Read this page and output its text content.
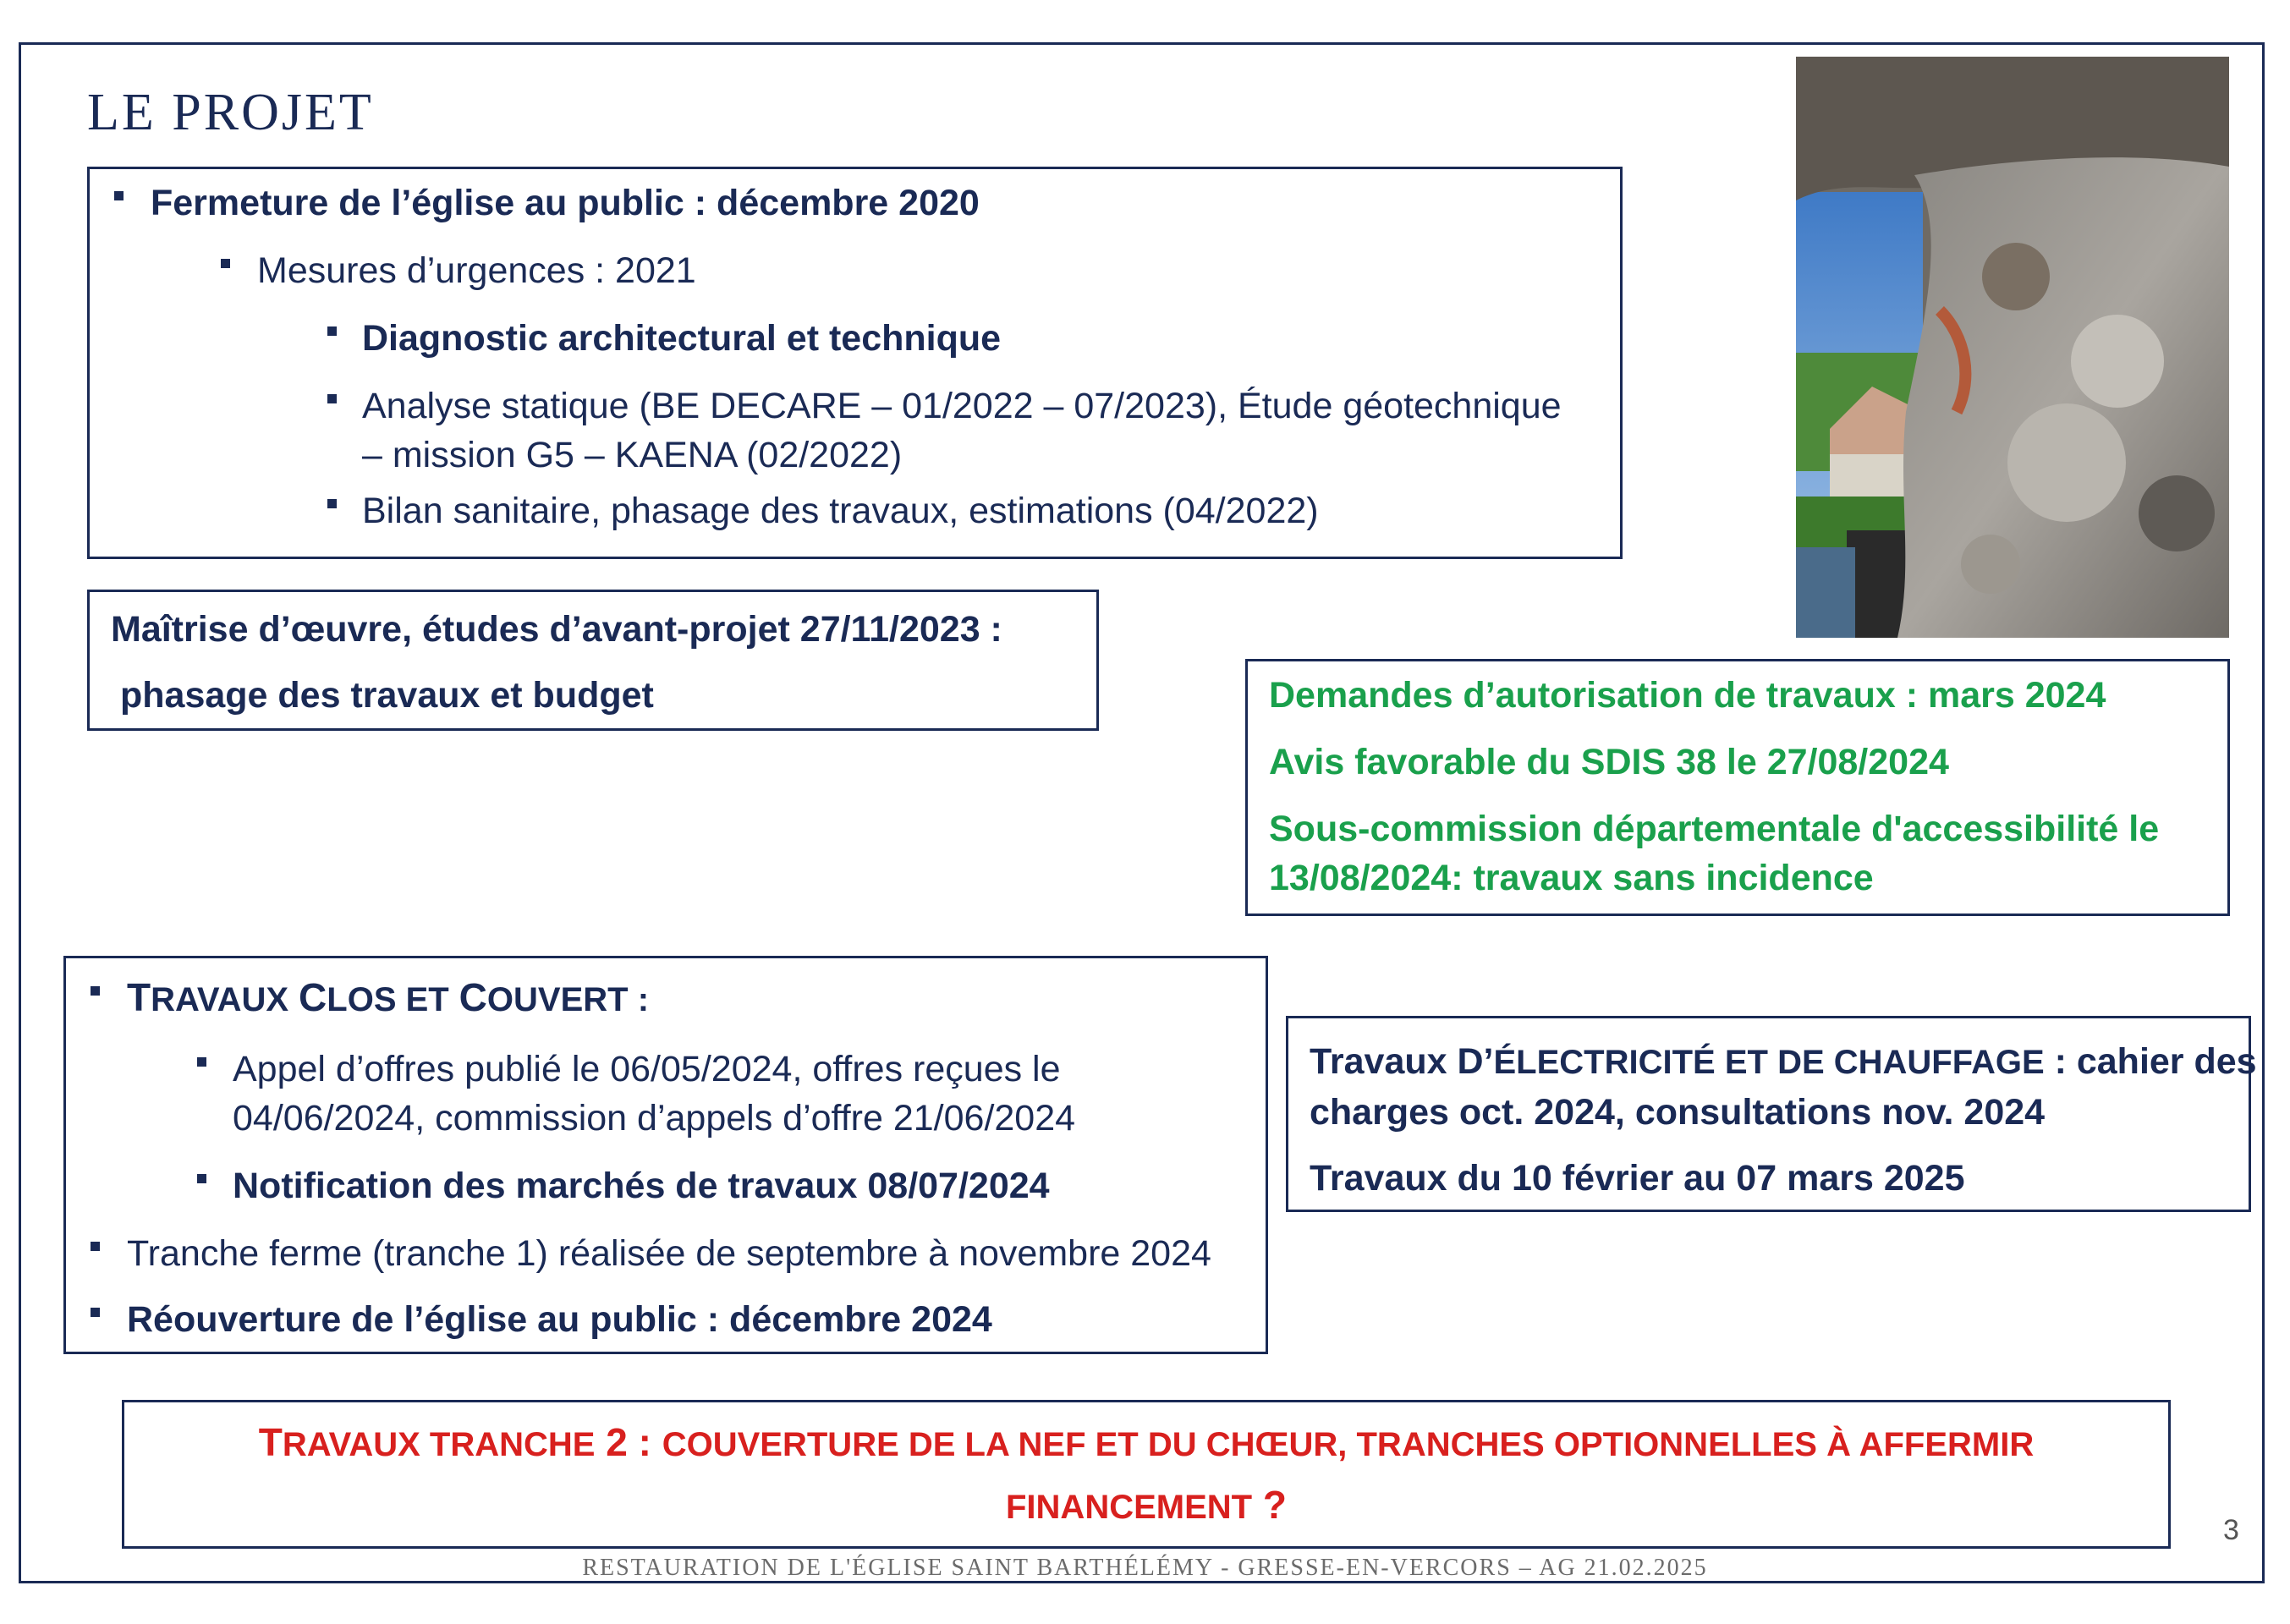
LE PROJET

Fermeture de l’église au public : décembre 2020

Mesures d’urgences : 2021

Diagnostic architectural et technique

Analyse statique (BE DECARE – 01/2022 – 07/2023), Étude géotechnique

– mission G5 – KAENA (02/2022)

Bilan sanitaire, phasage des travaux, estimations (04/2022)

Maîtrise d’œuvre, études d’avant-projet 27/11/2023 :

phasage des travaux et budget	Demandes d’autorisation de travaux : mars 2024

Avis favorable du SDIS 38 le 27/08/2024

Sous-commission départementale d'accessibilité le

13/08/2024: travaux sans incidence

TRAVAUX CLOS ET COUVERT :

Appel d’offres publié le 06/05/2024, offres reçues le

04/06/2024, commission d’appels d’offre 21/06/2024

Notification des marchés de travaux 08/07/2024

Tranche ferme (tranche 1) réalisée de septembre à novembre 2024

Réouverture de l’église au public : décembre 2024

Travaux D’ÉLECTRICITÉ ET DE CHAUFFAGE : cahier des

charges oct. 2024, consultations nov. 2024

Travaux du 10 février au 07 mars 2025

TRAVAUX TRANCHE 2 : COUVERTURE DE LA NEF ET DU CHŒUR, TRANCHES OPTIONNELLES À AFFERMIR

FINANCEMENT ?

3

RESTAURATION DE L'ÉGLISE SAINT BARTHÉLÉMY - GRESSE-EN-VERCORS – AG 21.02.2025
